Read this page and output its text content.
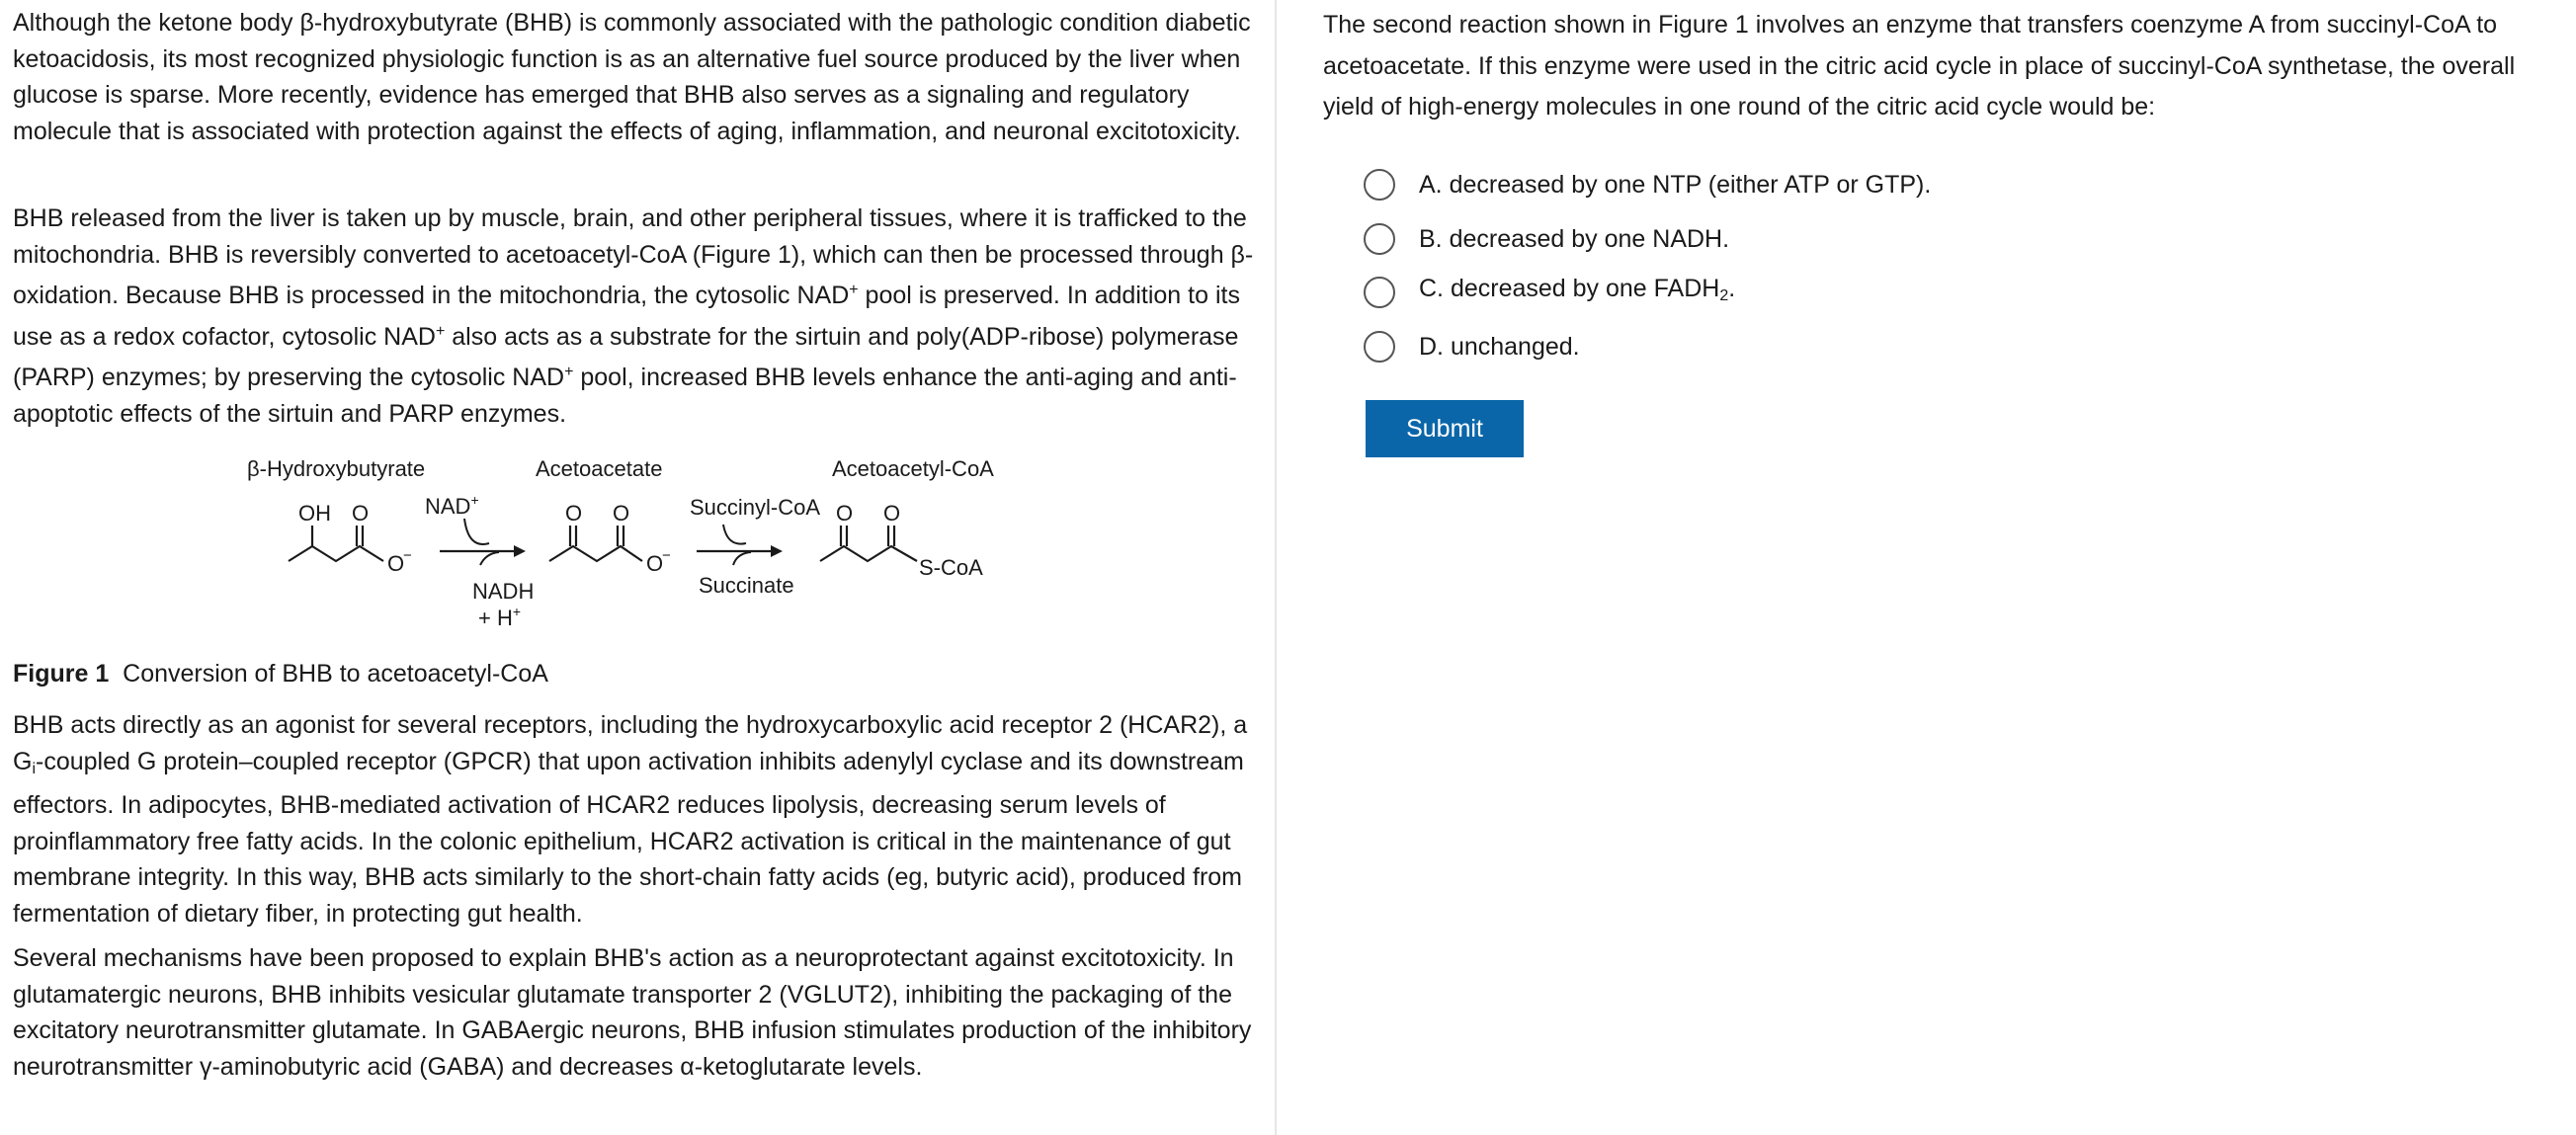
Although the ketone body β-hydroxybutyrate (BHB) is commonly associated with the pathologic condition diabetic ketoacidosis, its most recognized physiologic function is as an alternative fuel source produced by the liver when glucose is sparse. More recently, evidence has emerged that BHB also serves as a signaling and regulatory molecule that is associated with protection against the effects of aging, inflammation, and neuronal excitotoxicity.

BHB released from the liver is taken up by muscle, brain, and other peripheral tissues, where it is trafficked to the mitochondria. BHB is reversibly converted to acetoacetyl-CoA (Figure 1), which can then be processed through β-oxidation. Because BHB is processed in the mitochondria, the cytosolic NAD+ pool is preserved. In addition to its use as a redox cofactor, cytosolic NAD+ also acts as a substrate for the sirtuin and poly(ADP-ribose) polymerase (PARP) enzymes; by preserving the cytosolic NAD+ pool, increased BHB levels enhance the anti-aging and anti-apoptotic effects of the sirtuin and PARP enzymes.

β-Hydroxybutyrate	Acetoacetate	Acetoacetyl-CoA
OH O
O
−
NAD+
NADH
+ H+
O O
O
−
Succinyl-CoA
Succinate
O O
S-CoA
Figure 1 Conversion of BHB to acetoacetyl-CoA

BHB acts directly as an agonist for several receptors, including the hydroxycarboxylic acid receptor 2 (HCAR2), a $G_i$-coupled G protein–coupled receptor (GPCR) that upon activation inhibits adenylyl cyclase and its downstream effectors. In adipocytes, BHB-mediated activation of HCAR2 reduces lipolysis, decreasing serum levels of proinflammatory free fatty acids. In the colonic epithelium, HCAR2 activation is critical in the maintenance of gut membrane integrity. In this way, BHB acts similarly to the short-chain fatty acids (eg, butyric acid), produced from fermentation of dietary fiber, in protecting gut health.

Several mechanisms have been proposed to explain BHB's action as a neuroprotectant against excitotoxicity. In glutamatergic neurons, BHB inhibits vesicular glutamate transporter 2 (VGLUT2), inhibiting the packaging of the excitatory neurotransmitter glutamate. In GABAergic neurons, BHB infusion stimulates production of the inhibitory neurotransmitter γ-aminobutyric acid (GABA) and decreases α-ketoglutarate levels.

The second reaction shown in Figure 1 involves an enzyme that transfers coenzyme A from succinyl-CoA to acetoacetate. If this enzyme were used in the citric acid cycle in place of succinyl-CoA synthetase, the overall yield of high-energy molecules in one round of the citric acid cycle would be:
A. decreased by one NTP (either ATP or GTP).
B. decreased by one NADH.
C. decreased by one $FADH_2$.
D. unchanged.
Submit
